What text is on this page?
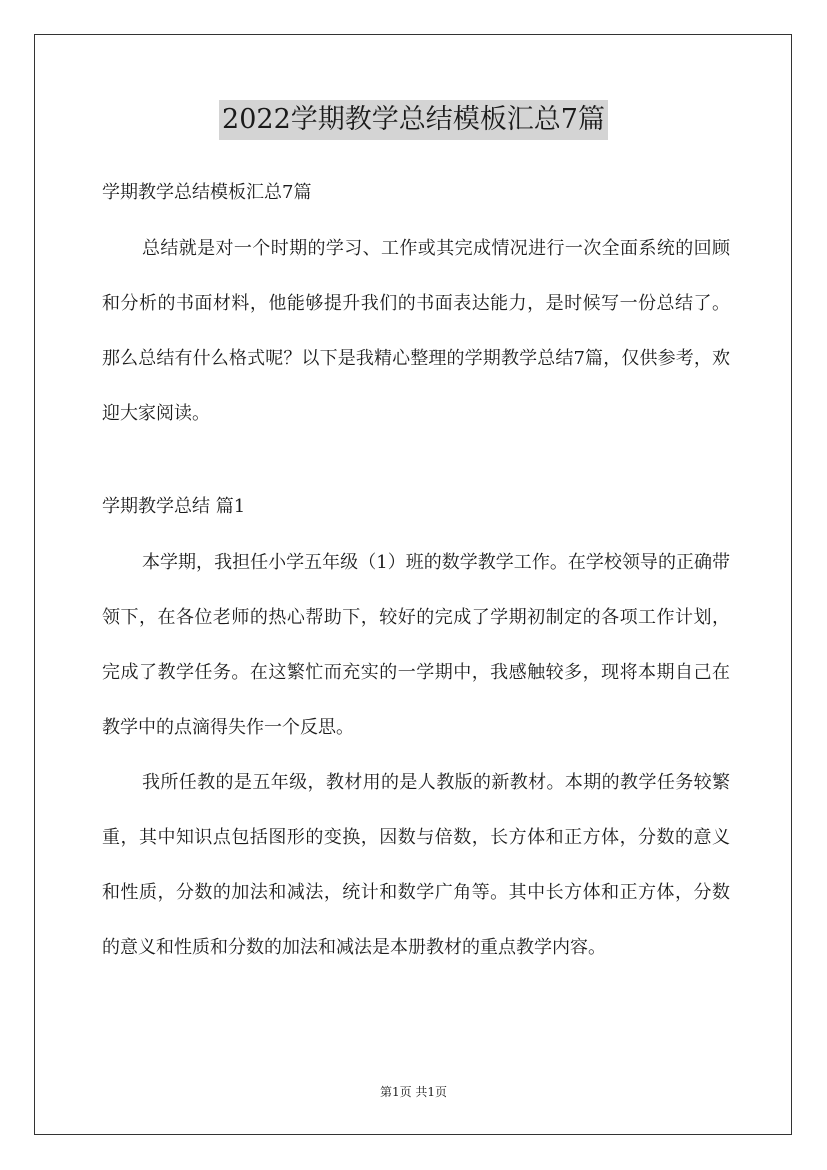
2022学期教学总结模板汇总7篇
学期教学总结模板汇总7篇

总结就是对一个时期的学习、工作或其完成情况进行一次全面系统的回顾和分析的书面材料，他能够提升我们的书面表达能力，是时候写一份总结了。那么总结有什么格式呢？以下是我精心整理的学期教学总结7篇，仅供参考，欢迎大家阅读。

学期教学总结 篇1

本学期，我担任小学五年级（1）班的数学教学工作。在学校领导的正确带领下，在各位老师的热心帮助下，较好的完成了学期初制定的各项工作计划，完成了教学任务。在这繁忙而充实的一学期中，我感触较多，现将本期自己在教学中的点滴得失作一个反思。

我所任教的是五年级，教材用的是人教版的新教材。本期的教学任务较繁重，其中知识点包括图形的变换，因数与倍数，长方体和正方体，分数的意义和性质，分数的加法和减法，统计和数学广角等。其中长方体和正方体，分数的意义和性质和分数的加法和减法是本册教材的重点教学内容。

第1页 共1页
